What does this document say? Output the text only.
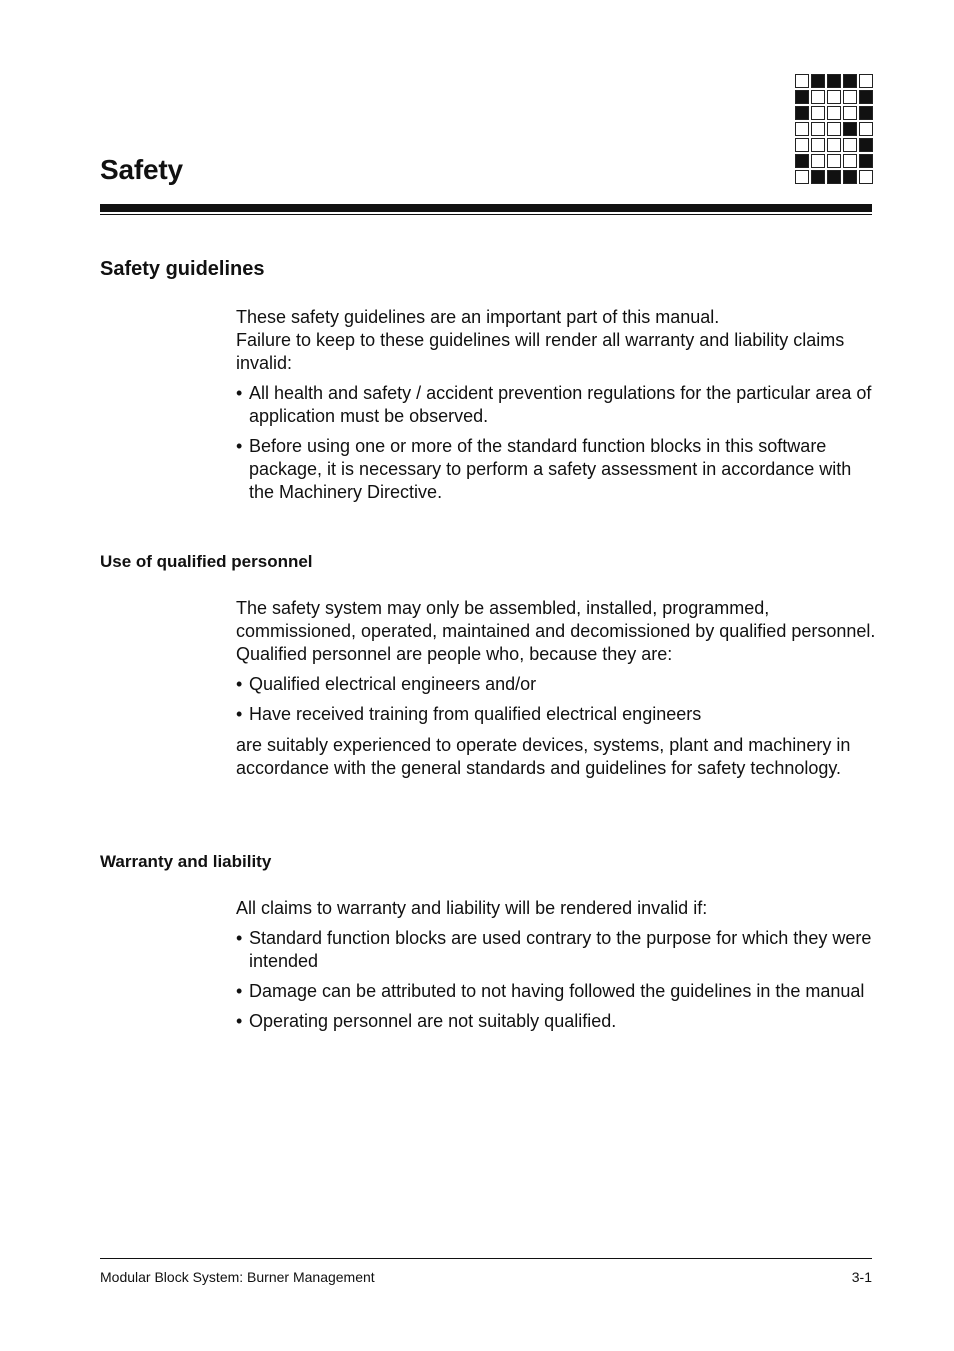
Safety
Safety guidelines

These safety guidelines are an important part of this manual.

Failure to keep to these guidelines will render all warranty and liability claims invalid:

• All health and safety / accident prevention regulations for the particular area of application must be observed.
• Before using one or more of the standard function blocks in this software package, it is necessary to perform a safety assessment in accordance with the Machinery Directive.
Use of qualified personnel

The safety system may only be assembled, installed, programmed, commissioned, operated, maintained and decomissioned by qualified personnel. Qualified personnel are people who, because they are:

• Qualified electrical engineers and/or
• Have received training from qualified electrical engineers

are suitably experienced to operate devices, systems, plant and machinery in accordance with the general standards and guidelines for safety technology.

Warranty and liability

All claims to warranty and liability will be rendered invalid if:

• Standard function blocks are used contrary to the purpose for which they were intended
• Damage can be attributed to not having followed the guidelines in the manual
• Operating personnel are not suitably qualified.
Modular Block System: Burner Management	3-1
